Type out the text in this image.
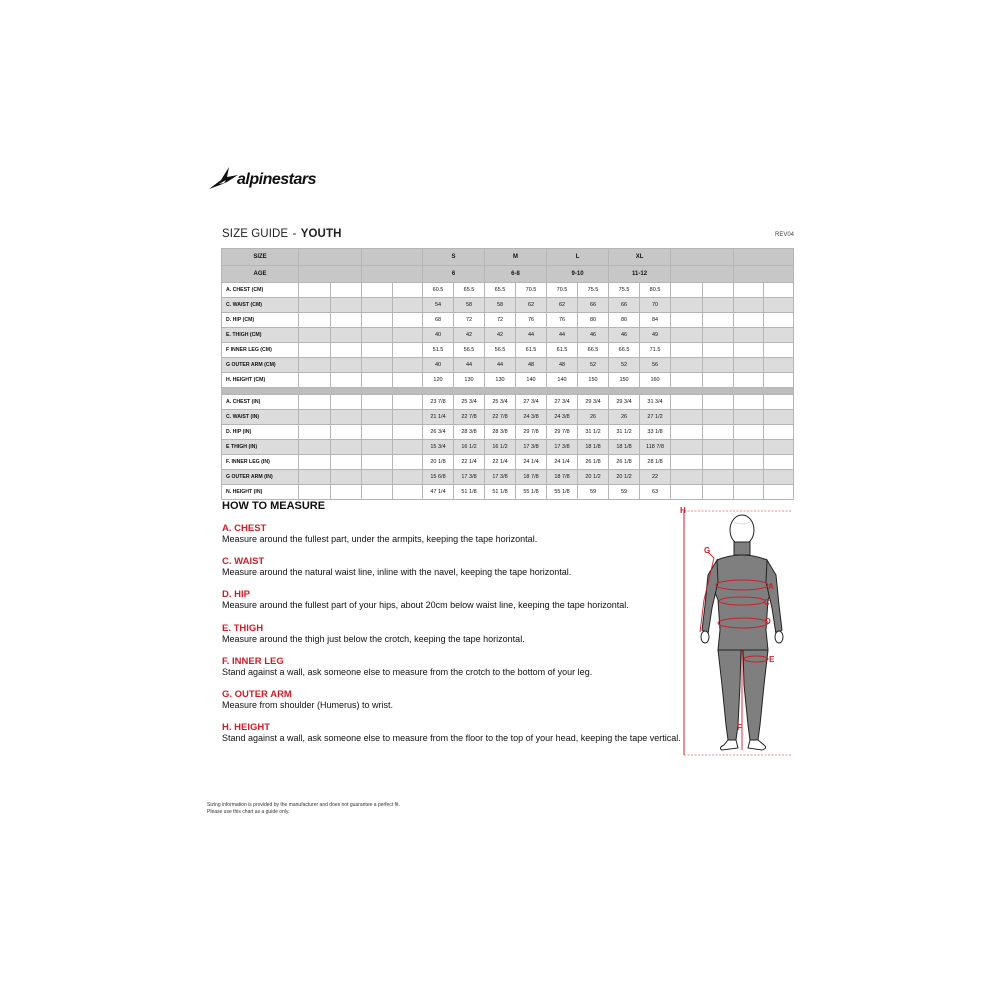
alpinestars
SIZE GUIDE - YOUTH	REV04
SIZE			S		M		L		XL			
AGE			6		6-8		9-10		11-12			
A. CHEST (CM)			60.5	65.5	65.5	70.5	70.5	75.5	75.5	80.5	

C. WAIST (CM)			54	58	58	62	62	66	66	70	

D. HIP (CM)			68	72	72	76	76	80	80	84	

E. THIGH (CM)			40	42	42	44	44	46	46	49	

F INNER LEG (CM)			51.5	56.5	56.5	61.5	61.5	66.5	66.5	71.5	

G OUTER ARM (CM)			40	44	44	48	48	52	52	56	

H. HEIGHT (CM)			120	130	130	140	140	150	150	160	

A. CHEST (IN)			23 7/8	25 3/4	25 3/4	27 3/4	27 3/4	29 3/4	29 3/4	31 3/4	

C. WAIST (IN)			21 1/4	22 7/8	22 7/8	24 3/8	24 3/8	26	26	27 1/2	

D. HIP (IN)			26 3/4	28 3/8	28 3/8	29 7/8	29 7/8	31 1/2	31 1/2	33 1/8	

E THIGH (IN)			15 3/4	16 1/2	16 1/2	17 3/8	17 3/8	18 1/8	18 1/8	118 7/8	

F. INNER LEG (IN)			20 1/8	22 1/4	22 1/4	24 1/4	24 1/4	26 1/8	26 1/8	28 1/8	

G OUTER ARM (IN)			15 6/8	17 3/8	17 3/8	18 7/8	18 7/8	20 1/2	20 1/2	22	

N. HEIGHT (IN)			47 1/4	51 1/8	51 1/8	55 1/8	55 1/8	59	59	63	

HOW TO MEASURE
A. CHEST
Measure around the fullest part, under the armpits, keeping the tape horizontal.
C. WAIST
Measure around the natural waist line, inline with the navel, keeping the tape horizontal.
D. HIP
Measure around the fullest part of your hips, about 20cm below waist line, keeping the tape horizontal.
E. THIGH
Measure around the thigh just below the crotch, keeping the tape horizontal.
F. INNER LEG
Stand against a wall, ask someone else to measure from the crotch to the bottom of your leg.
G. OUTER ARM
Measure from shoulder (Humerus) to wrist.
H. HEIGHT
Stand against a wall, ask someone else to measure from the floor to the top of your head, keeping the tape vertical.
H
A
C
D
E
F
G
Sizing information is provided by the manufacturer and does not guarantee a perfect fit.
Please use this chart as a guide only.
